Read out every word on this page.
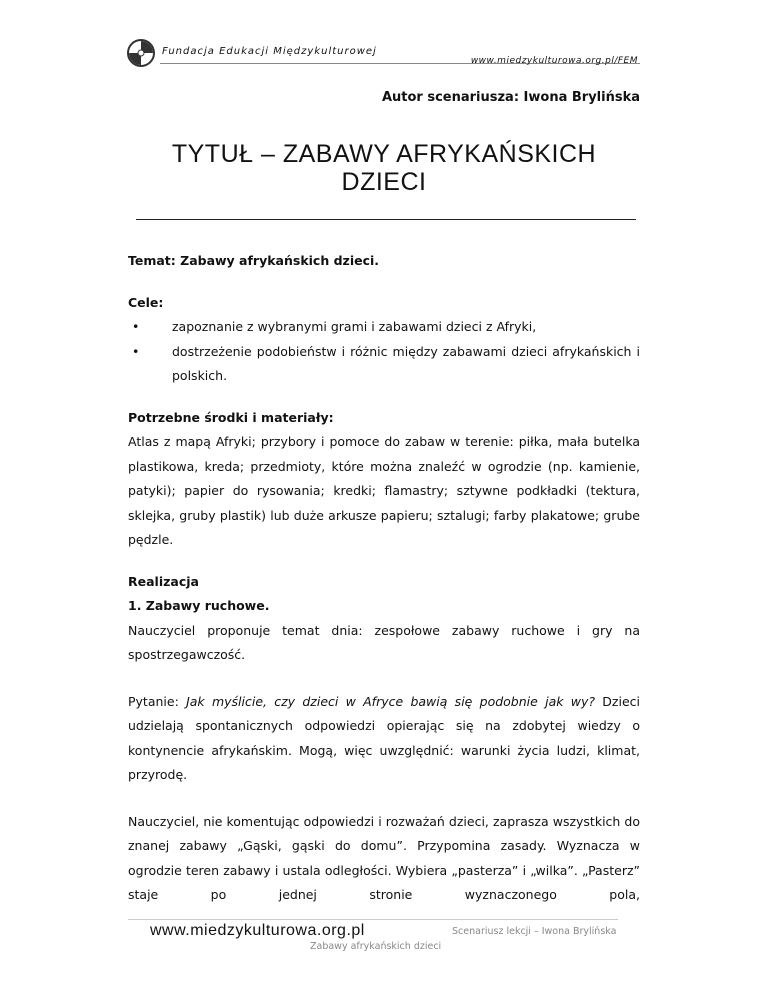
Fundacja Edukacji Międzykulturowej
www.miedzykulturowa.org.pl/FEM
Autor scenariusza: Iwona Brylińska
TYTUŁ – ZABAWY AFRYKAŃSKICH DZIECI

Temat: Zabawy afrykańskich dzieci.

Cele:

• zapoznanie z wybranymi grami i zabawami dzieci z Afryki,
• dostrzeżenie podobieństw i różnic między zabawami dzieci afrykańskich i polskich.

Potrzebne środki i materiały:

Atlas z mapą Afryki; przybory i pomoce do zabaw w terenie: piłka, mała butelka plastikowa, kreda; przedmioty, które można znaleźć w ogrodzie (np. kamienie, patyki); papier do rysowania; kredki; flamastry; sztywne podkładki (tektura, sklejka, gruby plastik) lub duże arkusze papieru; sztalugi; farby plakatowe; grube pędzle.

Realizacja

1. Zabawy ruchowe.

Nauczyciel proponuje temat dnia: zespołowe zabawy ruchowe i gry na spostrzegawczość.

Pytanie: Jak myślicie, czy dzieci w Afryce bawią się podobnie jak wy? Dzieci udzielają spontanicznych odpowiedzi opierając się na zdobytej wiedzy o kontynencie afrykańskim. Mogą, więc uwzględnić: warunki życia ludzi, klimat, przyrodę.

Nauczyciel, nie komentując odpowiedzi i rozważań dzieci, zaprasza wszystkich do znanej zabawy „Gąski, gąski do domu”. Przypomina zasady. Wyznacza w ogrodzie teren zabawy i ustala odległości. Wybiera „pasterza” i „wilka”. „Pasterz” staje po jednej stronie wyznaczonego pola,

www.miedzykulturowa.org.pl	Scenariusz lekcji – Iwona Brylińska
Zabawy afrykańskich dzieci
